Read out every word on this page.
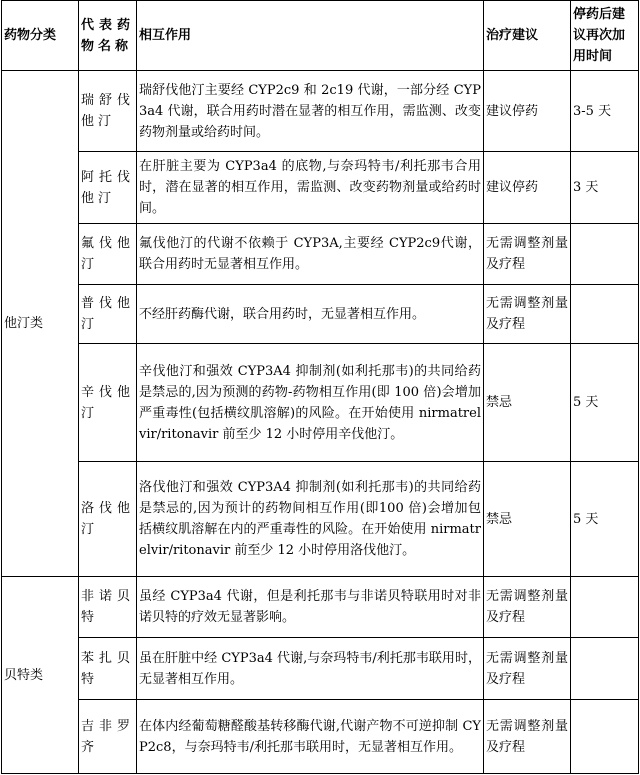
药物分类	代表药物名称	相互作用	治疗建议	停药后建议再次加用时间
他汀类	瑞舒伐他汀	瑞舒伐他汀主要经 CYP2c9 和 2c19 代谢，一部分经 CYP3a4 代谢，联合用药时潜在显著的相互作用，需监测、改变药物剂量或给药时间。	建议停药	3-5 天
	阿托伐他汀	在肝脏主要为 CYP3a4 的底物,与奈玛特韦/利托那韦合用时，潜在显著的相互作用，需监测、改变药物剂量或给药时间。	建议停药	3 天
	氟伐他汀	氟伐他汀的代谢不依赖于 CYP3A,主要经 CYP2c9代谢，联合用药时无显著相互作用。	无需调整剂量及疗程	
	普伐他汀	不经肝药酶代谢，联合用药时，无显著相互作用。	无需调整剂量及疗程	
	辛伐他汀	辛伐他汀和强效 CYP3A4 抑制剂(如利托那韦)的共同给药是禁忌的,因为预测的药物-药物相互作用(即 100 倍)会增加严重毒性(包括横纹肌溶解)的风险。在开始使用 nirmatrelvir/ritonavir 前至少 12 小时停用辛伐他汀。	禁忌	5 天
	洛伐他汀	洛伐他汀和强效 CYP3A4 抑制剂(如利托那韦)的共同给药是禁忌的,因为预计的药物间相互作用(即100 倍)会增加包括横纹肌溶解在内的严重毒性的风险。在开始使用 nirmatrelvir/ritonavir 前至少 12 小时停用洛伐他汀。	禁忌	5 天
贝特类	非诺贝特	虽经 CYP3a4 代谢，但是利托那韦与非诺贝特联用时对非诺贝特的疗效无显著影响。	无需调整剂量及疗程	
	苯扎贝特	虽在肝脏中经 CYP3a4 代谢,与奈玛特韦/利托那韦联用时，无显著相互作用。	无需调整剂量及疗程	
	吉非罗齐	在体内经葡萄糖醛酸基转移酶代谢,代谢产物不可逆抑制 CYP2c8，与奈玛特韦/利托那韦联用时，无显著相互作用。	无需调整剂量及疗程	
